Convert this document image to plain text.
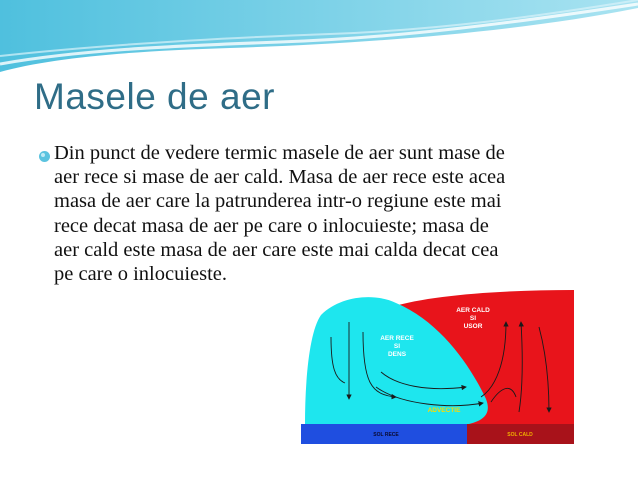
Masele de aer
Din punct de vedere termic masele de aer sunt mase de
aer rece si mase de aer cald. Masa de aer rece este acea
masa de aer care la patrunderea intr-o regiune este mai
rece decat masa de aer pe care o inlocuieste; masa de
aer cald este masa de aer care este mai calda decat cea
pe care o inlocuieste.
AER CALD
SI
USOR
AER RECE
SI
DENS
ADVECTIE
SOL RECE	SOL CALD
